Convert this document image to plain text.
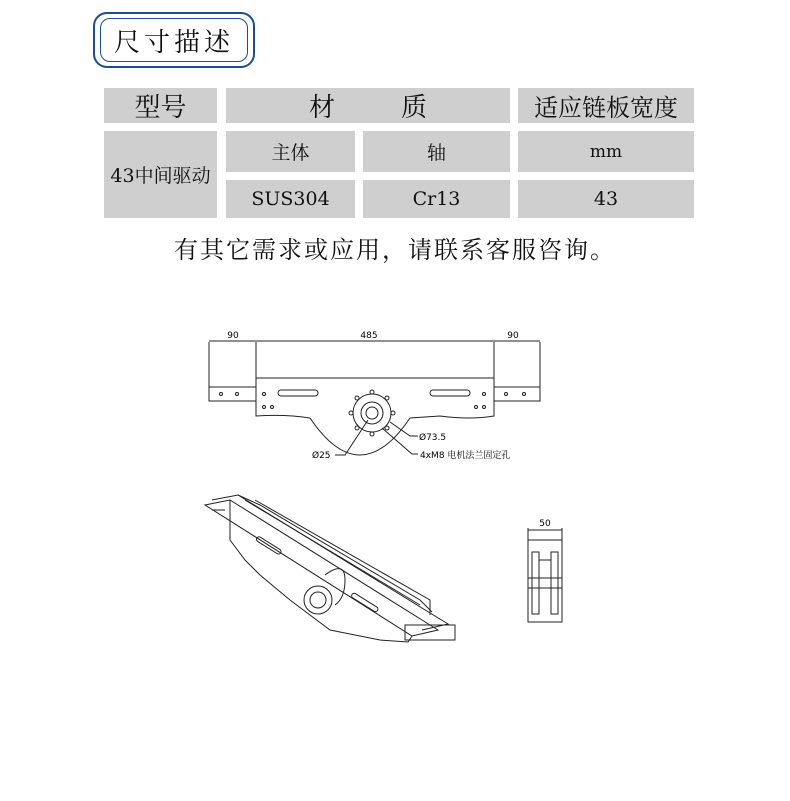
尺寸描述
型号	材	质	适应链板宽度
43中间驱动
主体	轴	mm
SUS304	Cr13	43
有其它需求或应用，请联系客服咨询。
90	485	90
Ø73.5
Ø25	4xM8 电机法兰固定孔
50
